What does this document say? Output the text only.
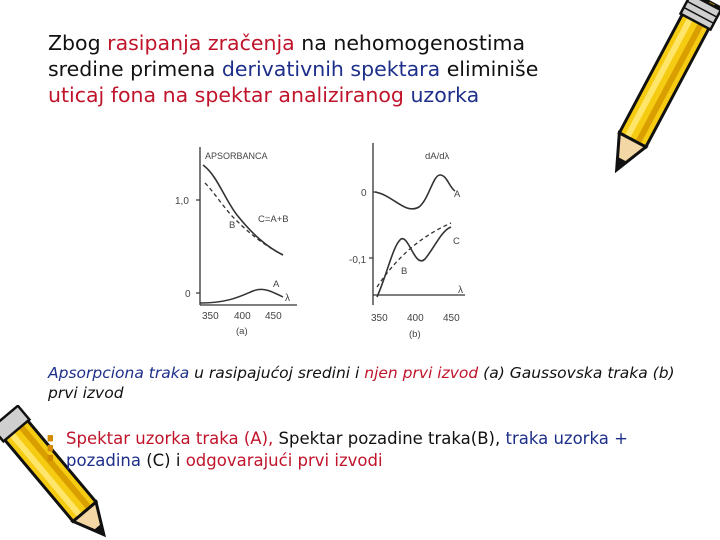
Zbog rasipanja zračenja na nehomogenostima sredine primena derivativnih spektara eliminiše uticaj fona na spektar analiziranog uzorka
APSORBANCA
1,0
0
C=A+B
B
A
λ
350 400 450
(a)
dA/dλ
0
-0,1
A
C
B
λ
350 400 450
(b)
Apsorpciona traka u rasipajućoj sredini i njen prvi izvod (a) Gaussovska traka (b) prvi izvod
⁝ Spektar uzorka traka (A), Spektar pozadine traka(B), traka uzorka + pozadina (C) i odgovarajući prvi izvodi
